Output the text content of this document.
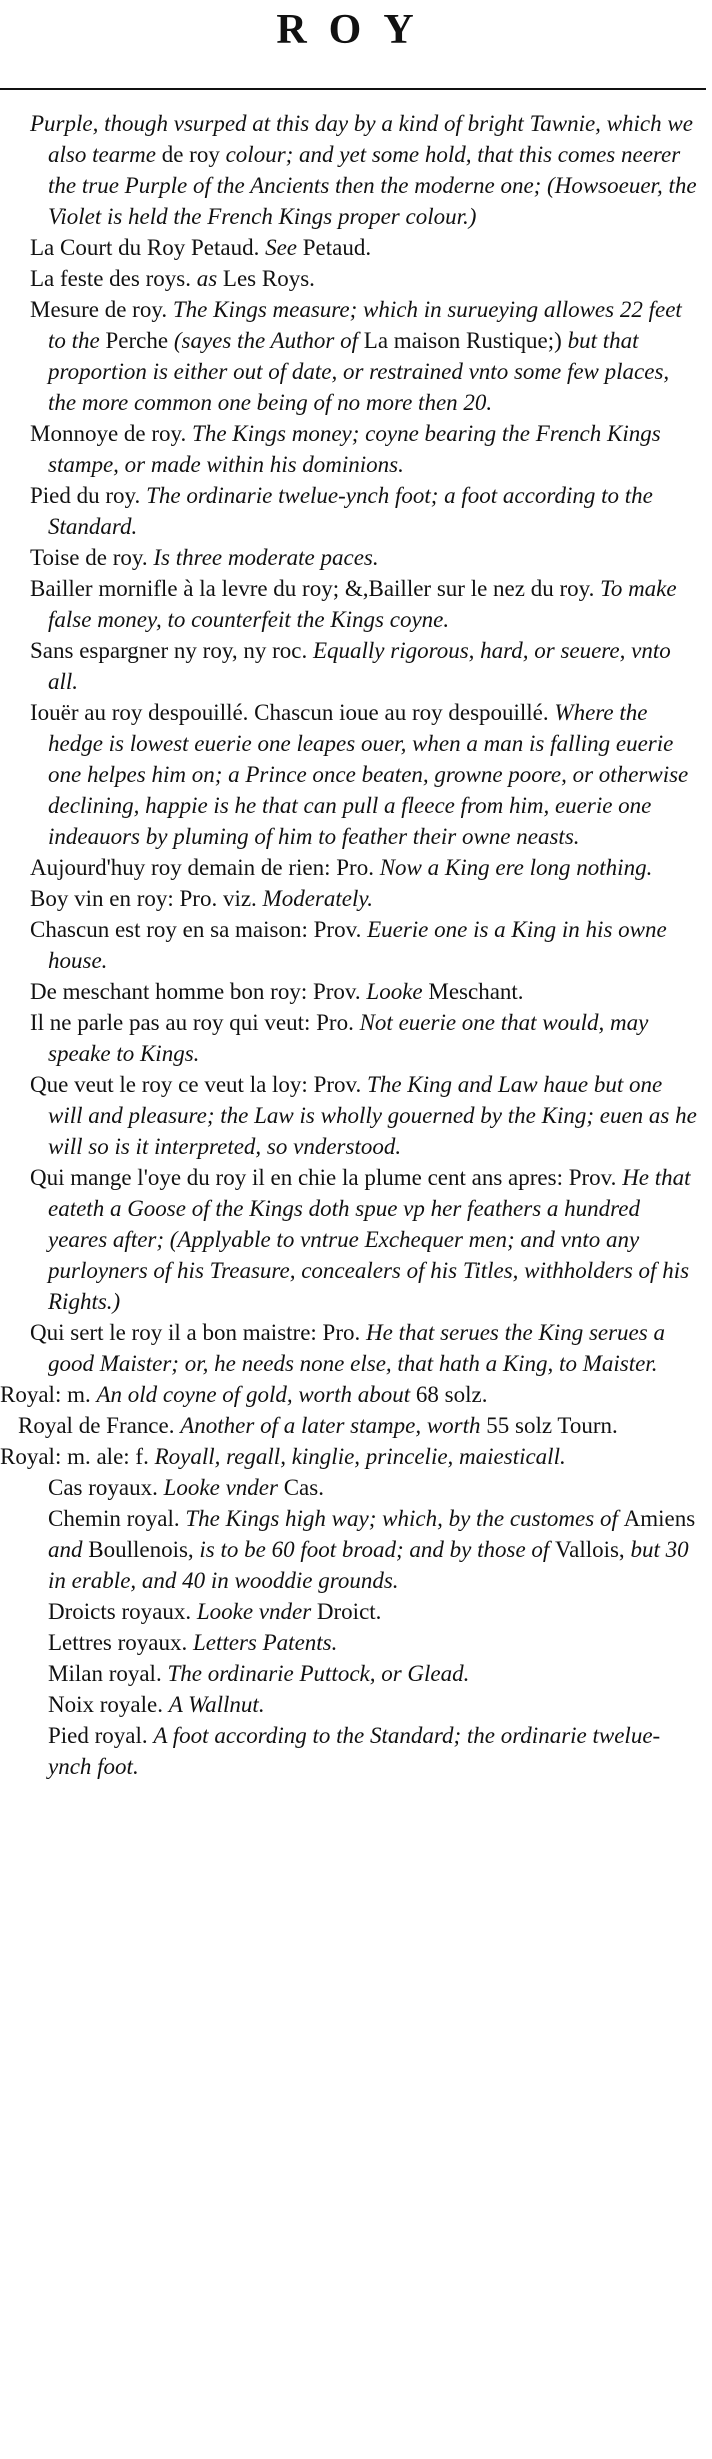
ROY

Purple, though vsurped at this day by a kind of bright Tawnie, which we also tearme de roy colour; and yet some hold, that this comes neerer the true Purple of the Ancients then the moderne one; (Howsoeuer, the Violet is held the French Kings proper colour.)

La Court du Roy Petaud. See Petaud.

La feste des roys. as Les Roys.

Mesure de roy. The Kings measure; which in surueying allowes 22 feet to the Perche (sayes the Author of La maison Rustique;) but that proportion is either out of date, or restrained vnto some few places, the more common one being of no more then 20.

Monnoye de roy. The Kings money; coyne bearing the French Kings stampe, or made within his dominions.

Pied du roy. The ordinarie twelue-ynch foot; a foot according to the Standard.

Toise de roy. Is three moderate paces.

Bailler mornifle à la levre du roy; &,Bailler sur le nez du roy. To make false money, to counterfeit the Kings coyne.

Sans espargner ny roy, ny roc. Equally rigorous, hard, or seuere, vnto all.

Iouër au roy despouillé. Chascun ioue au roy despouillé. Where the hedge is lowest euerie one leapes ouer, when a man is falling euerie one helpes him on; a Prince once beaten, growne poore, or otherwise declining, happie is he that can pull a fleece from him, euerie one indeauors by pluming of him to feather their owne neasts.

Aujourd'huy roy demain de rien: Pro. Now a King ere long nothing.

Boy vin en roy: Pro. viz. Moderately.

Chascun est roy en sa maison: Prov. Euerie one is a King in his owne house.

De meschant homme bon roy: Prov. Looke Meschant.

Il ne parle pas au roy qui veut: Pro. Not euerie one that would, may speake to Kings.

Que veut le roy ce veut la loy: Prov. The King and Law haue but one will and pleasure; the Law is wholly gouerned by the King; euen as he will so is it interpreted, so vnderstood.

Qui mange l'oye du roy il en chie la plume cent ans apres: Prov. He that eateth a Goose of the Kings doth spue vp her feathers a hundred yeares after; (Applyable to vntrue Exchequer men; and vnto any purloyners of his Treasure, concealers of his Titles, withholders of his Rights.)

Qui sert le roy il a bon maistre: Pro. He that serues the King serues a good Maister; or, he needs none else, that hath a King, to Maister.

Royal: m. An old coyne of gold, worth about 68 solz.

Royal de France. Another of a later stampe, worth 55 solz Tourn.

Royal: m. ale: f. Royall, regall, kinglie, princelie, maiesticall.

Cas royaux. Looke vnder Cas.

Chemin royal. The Kings high way; which, by the customes of Amiens and Boullenois, is to be 60 foot broad; and by those of Vallois, but 30 in erable, and 40 in wooddie grounds.

Droicts royaux. Looke vnder Droict.

Lettres royaux. Letters Patents.

Milan royal. The ordinarie Puttock, or Glead.

Noix royale. A Wallnut.

Pied royal. A foot according to the Standard; the ordinarie twelue-ynch foot.
